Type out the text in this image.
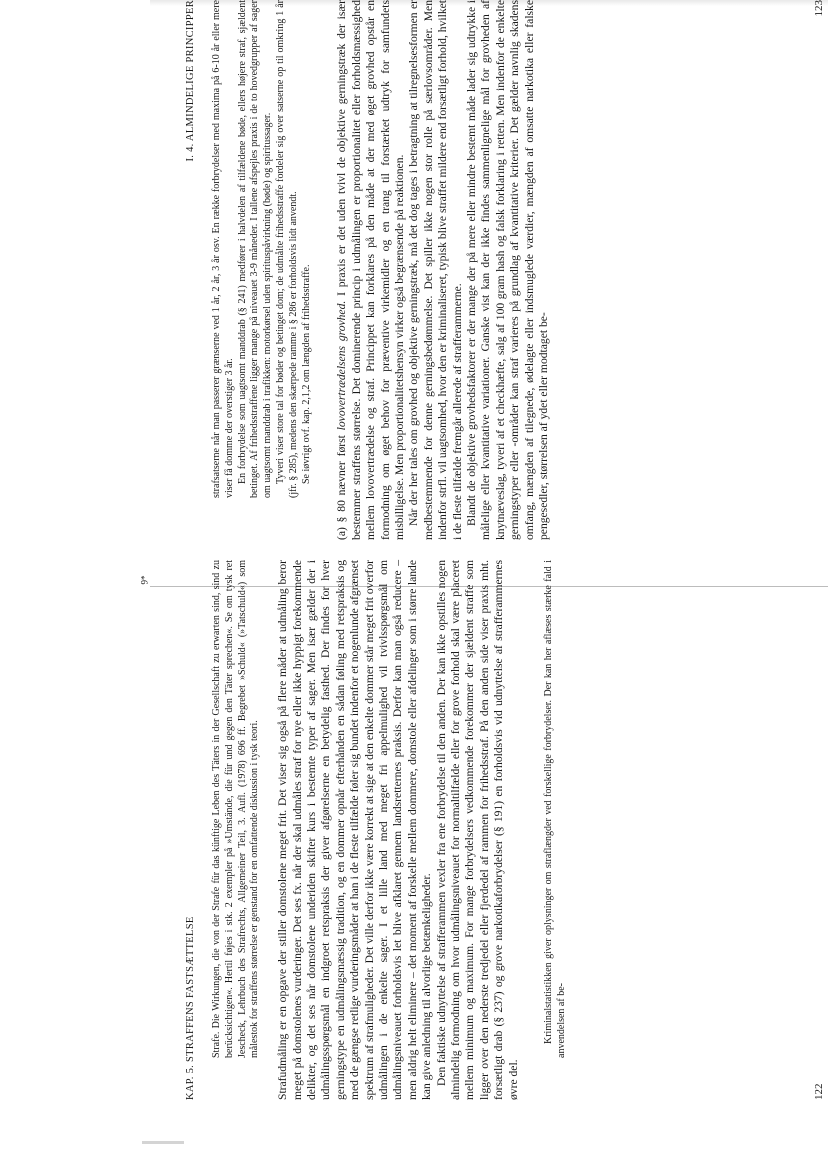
KAP. 5. STRAFFENS FASTSÆTTELSE Strafe. Die Wirkungen, die von der Strafe für das künftige Leben des Täters in der Gesellschaft zu erwarten sind, sind zu berücksichtigen«. Hertil føjes i stk. 2 exempler på »Umstände, die für und gegen den Täter sprechen«. Se om tysk ret Jescheck, Lehrbuch des Strafrechts, Allgemeiner Teil, 3. Aufl. (1978) 696 ff. Begrebet »Schuld« (»Tatschuld«) som målestok for straffens størrelse er genstand for en omfattende diskussion i tysk teori. Strafudmåling er en opgave der stiller domstolene meget frit. Det viser sig også på flere måder at udmåling beror meget på domstolenes vurderinger. Det ses fx. når der skal udmåles straf for nye eller ikke hyppigt forekommende delikter, og det ses når domstolene underiden skifter kurs i bestemte typer af sager. Men især gælder der i udmålingsspørgsmål en indgroet retspraksis der giver afgørelserne en betydelig fasthed. Der findes for hver gerningstype en udmålingsmæssig tradition, og en dommer opnår efterhånden en sådan føling med retspraksis og med de gængse retlige vurderingsmåder at han i de fleste tilfælde føler sig bundet indenfor et nogenlunde afgrænset spektrum af strafmuligheder. Det ville derfor ikke være korrekt at sige at den enkelte dommer står meget frit overfor udmålingen i de enkelte sager. I et lille land med meget fri appelmulighed vil tvivlsspørgsmål om udmålingsniveauet forholdsvis let blive afklaret gennem landsretternes praksis. Derfor kan man også reducere – men aldrig helt eliminere – det moment af forskelle mellem dommere, domstole eller afdelinger som i større lande kan give anledning til alvorlige betænkeligheder. Den faktiske udnyttelse af strafferammen vexler fra ene forbrydelse til den anden. Der kan ikke opstilles nogen almindelig formodning om hvor udmålingsniveauet for normaltilfælde eller for grove forhold skal være placeret mellem minimum og maximum. For mange forbrydelsers vedkommende forekommer der sjældent straffe som ligger over den nederste tredjedel eller fjerdedel af rammen for frihedsstraf. På den anden side viser praxis mht. forsætligt drab (§ 237) og grove narkotikaforbrydelser (§ 191) en forholdsvis vid udnyttelse af strafferammernes øvre del.

Kriminalstatistikken giver oplysninger om straflængder ved forskellige forbrydelser. Der kan her aflæses stærke fald i anvendelsen af be-

122
I. 4. ALMINDELIGE PRINCIPPER strafsatserne når man passerer grænserne ved 1 år, 2 år, 3 år osv. En række forbrydelser med maxima på 6-10 år eller mere viser få domme der overstiger 3 år. En forbrydelse som uagtsomt manddrab (§ 241) medfører i halvdelen af tilfældene bøde, ellers højere straf, sjældent betinget. Af frihedsstraffene ligger mange på niveauet 3-9 måneder. I tallene afspejles praxis i de to hovedgrupper af sager om uagtsomt manddrab i trafikken: motorkørsel uden spirituspåvirkning (bøde) og spiritussager. Tyveri viser store tal for bøder og betinget dom; de udmålte frihedsstraffe fordeler sig over satserne op til omkring 1 år (jfr. § 285), medens den skærpede ramme i § 286 er forholdsvis lidt anvendt. Se iøvrigt ovf. kap. 2,1,2 om længden af frihedsstraffe.

(a) § 80 nævner først lovovertrædelsens grovhed. I praxis er det uden tvivl de objektive gerningstræk der især bestemmer straffens størrelse. Det dominerende princip i udmålingen er proportionalitet eller forholdsmæssighed mellem lovovertrædelse og straf. Princippet kan forklares på den måde at der med øget grovhed opstår en formodning om øget behov for præventive virkemidler og en trang til forstærket udtryk for samfundets misbilligelse. Men proportionalitetshensyn virker også begrænsende på reaktionen. Når der her tales om grovhed og objektive gerningstræk, må det dog tages i betragtning at tilregnelsesformen er medbestemmende for denne gerningsbedømmelse. Det spiller ikke nogen stor rolle på særlovsområder. Men indenfor strfl. vil uagtsomhed, hvor den er kriminaliseret, typisk blive straffet mildere end forsætligt forhold, hvilket i de fleste tilfælde fremgår allerede af strafferammerne. Blandt de objektive grovhedsfaktorer er der mange der på mere eller mindre bestemt måde lader sig udtrykke i målelige eller kvantitative variationer. Ganske vist kan der ikke findes sammenlignelige mål for grovheden af knytnæveslag, tyveri af et checkhæfte, salg af 100 gram hash og falsk forklaring i retten. Men indenfor de enkelte gerningstyper eller -områder kan straf varieres på grundlag af kvantitative kriterier. Det gælder navnlig skadens omfang, mængden af tilegnede, ødelagte eller indsmuglede værdier, mængden af omsatte narkotika eller falske pengesedler, størrelsen af ydet eller modtaget be-

123
9*
